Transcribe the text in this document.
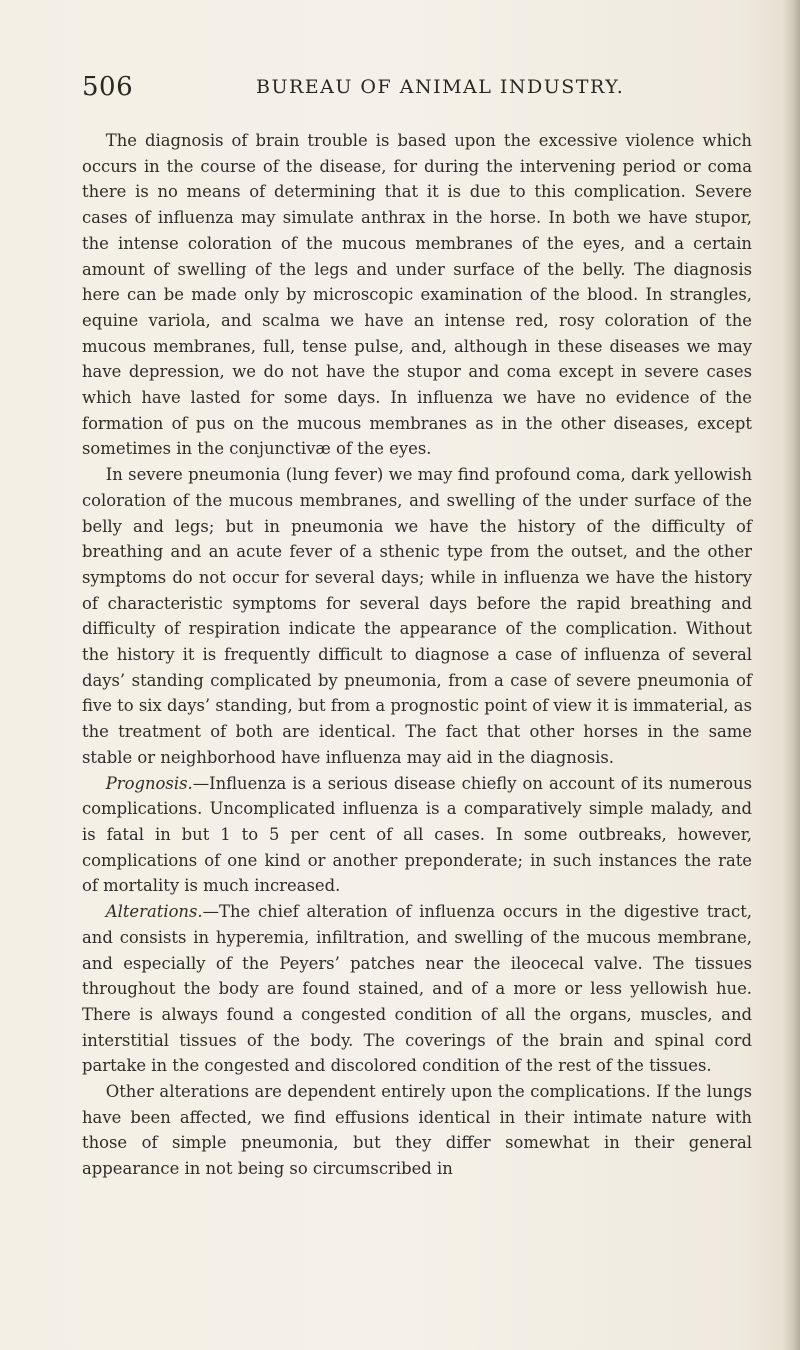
506	BUREAU OF ANIMAL INDUSTRY.

The diagnosis of brain trouble is based upon the excessive violence which occurs in the course of the disease, for during the intervening period or coma there is no means of determining that it is due to this complication. Severe cases of influenza may simulate anthrax in the horse. In both we have stupor, the intense coloration of the mucous membranes of the eyes, and a certain amount of swelling of the legs and under surface of the belly. The diagnosis here can be made only by microscopic examination of the blood. In strangles, equine variola, and scalma we have an intense red, rosy coloration of the mucous membranes, full, tense pulse, and, although in these diseases we may have depression, we do not have the stupor and coma except in severe cases which have lasted for some days. In influenza we have no evidence of the formation of pus on the mucous membranes as in the other diseases, except sometimes in the conjunctivæ of the eyes.

In severe pneumonia (lung fever) we may find profound coma, dark yellowish coloration of the mucous membranes, and swelling of the under surface of the belly and legs; but in pneumonia we have the history of the difficulty of breathing and an acute fever of a sthenic type from the outset, and the other symptoms do not occur for several days; while in influenza we have the history of characteristic symptoms for several days before the rapid breathing and difficulty of respiration indicate the appearance of the complication. Without the history it is frequently difficult to diagnose a case of influenza of several days’ standing complicated by pneumonia, from a case of severe pneumonia of five to six days’ standing, but from a prognostic point of view it is immaterial, as the treatment of both are identical. The fact that other horses in the same stable or neighborhood have influenza may aid in the diagnosis.

Prognosis.—Influenza is a serious disease chiefly on account of its numerous complications. Uncomplicated influenza is a comparatively simple malady, and is fatal in but 1 to 5 per cent of all cases. In some outbreaks, however, complications of one kind or another preponderate; in such instances the rate of mortality is much increased.

Alterations.—The chief alteration of influenza occurs in the digestive tract, and consists in hyperemia, infiltration, and swelling of the mucous membrane, and especially of the Peyers’ patches near the ileocecal valve. The tissues throughout the body are found stained, and of a more or less yellowish hue. There is always found a congested condition of all the organs, muscles, and interstitial tissues of the body. The coverings of the brain and spinal cord partake in the congested and discolored condition of the rest of the tissues.

Other alterations are dependent entirely upon the complications. If the lungs have been affected, we find effusions identical in their intimate nature with those of simple pneumonia, but they differ somewhat in their general appearance in not being so circumscribed in
